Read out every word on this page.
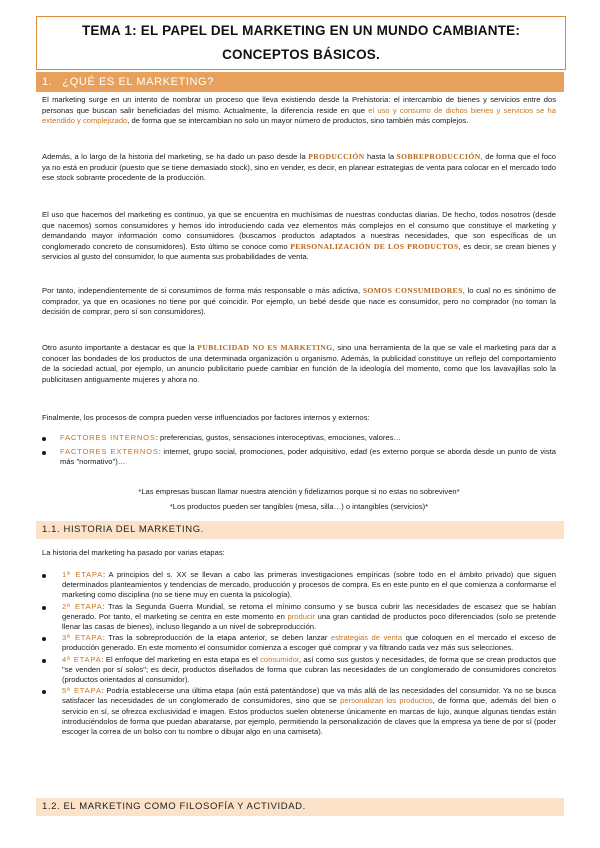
TEMA 1: EL PAPEL DEL MARKETING EN UN MUNDO CAMBIANTE:
CONCEPTOS BÁSICOS.
1. ¿QUÉ ES EL MARKETING?
El marketing surge en un intento de nombrar un proceso que lleva existiendo desde la Prehistoria: el intercambio de bienes y servicios entre dos personas que buscan salir beneficiadas del mismo. Actualmente, la diferencia reside en que el uso y consumo de dichos bienes y servicios se ha extendido y complejizado, de forma que se intercambian no solo un mayor número de productos, sino también más complejos.
Además, a lo largo de la historia del marketing, se ha dado un paso desde la PRODUCCIÓN hasta la SOBREPRODUCCIÓN, de forma que el foco ya no está en producir (puesto que se tiene demasiado stock), sino en vender, es decir, en planear estrategias de venta para colocar en el mercado todo ese stock sobrante procedente de la producción.
El uso que hacemos del marketing es continuo, ya que se encuentra en muchísimas de nuestras conductas diarias. De hecho, todos nosotros (desde que nacemos) somos consumidores y hemos ido introduciendo cada vez elementos más complejos en el consumo que constituye el marketing y demandando mayor información como consumidores (buscamos productos adaptados a nuestras necesidades, que son específicas de un conglomerado concreto de consumidores). Esto último se conoce como PERSONALIZACIÓN DE LOS PRODUCTOS, es decir, se crean bienes y servicios al gusto del consumidor, lo que aumenta sus probabilidades de venta.
Por tanto, independientemente de si consumimos de forma más responsable o más adictiva, SOMOS CONSUMIDORES, lo cual no es sinónimo de comprador, ya que en ocasiones no tiene por qué coincidir. Por ejemplo, un bebé desde que nace es consumidor, pero no comprador (no toman la decisión de comprar, pero sí son consumidores).
Otro asunto importante a destacar es que la PUBLICIDAD NO ES MARKETING, sino una herramienta de la que se vale el marketing para dar a conocer las bondades de los productos de una determinada organización u organismo. Además, la publicidad constituye un reflejo del comportamiento de la sociedad actual, por ejemplo, un anuncio publicitario puede cambiar en función de la ideología del momento, como que los lavavajillas solo la publicitasen antiguamente mujeres y ahora no.
Finalmente, los procesos de compra pueden verse influenciados por factores internos y externos:
FACTORES INTERNOS: preferencias, gustos, sensaciones interoceptivas, emociones, valores…
FACTORES EXTERNOS: internet, grupo social, promociones, poder adquisitivo, edad (es externo porque se aborda desde un punto de vista más "normativo")…
*Las empresas buscan llamar nuestra atención y fidelizarnos porque si no estas no sobreviven*
*Los productos pueden ser tangibles (mesa, silla…) o intangibles (servicios)*
1.1. HISTORIA DEL MARKETING.
La historia del marketing ha pasado por varias etapas:
1ª ETAPA: A principios del s. XX se llevan a cabo las primeras investigaciones empíricas (sobre todo en el ámbito privado) que siguen determinados planteamientos y tendencias de mercado, producción y procesos de compra. Es en este punto en el que comienza a conformarse el marketing como disciplina (no se tiene muy en cuenta la psicología).
2ª ETAPA: Tras la Segunda Guerra Mundial, se retoma el mínimo consumo y se busca cubrir las necesidades de escasez que se habían generado. Por tanto, el marketing se centra en este momento en producir una gran cantidad de productos poco diferenciados (solo se pretende llenar las casas de bienes), incluso llegando a un nivel de sobreproducción.
3ª ETAPA: Tras la sobreproducción de la etapa anterior, se deben lanzar estrategias de venta que coloquen en el mercado el exceso de producción generado. En este momento el consumidor comienza a escoger qué comprar y va filtrando cada vez más sus selecciones.
4ª ETAPA: El enfoque del marketing en esta etapa es el consumidor, así como sus gustos y necesidades, de forma que se crean productos que "se venden por sí solos"; es decir, productos diseñados de forma que cubran las necesidades de un conglomerado de consumidores concretos (productos orientados al consumidor).
5ª ETAPA: Podría establecerse una última etapa (aún está patentándose) que va más allá de las necesidades del consumidor. Ya no se busca satisfacer las necesidades de un conglomerado de consumidores, sino que se personalizan los productos, de forma que, además del bien o servicio en sí, se ofrezca exclusividad e imagen. Estos productos suelen obtenerse únicamente en marcas de lujo, aunque algunas tiendas están introduciéndolos de forma que puedan abaratarse, por ejemplo, permitiendo la personalización de claves que la empresa ya tiene de por sí (poder escoger la correa de un bolso con tu nombre o dibujar algo en una camiseta).
1.2. EL MARKETING COMO FILOSOFÍA Y ACTIVIDAD.
